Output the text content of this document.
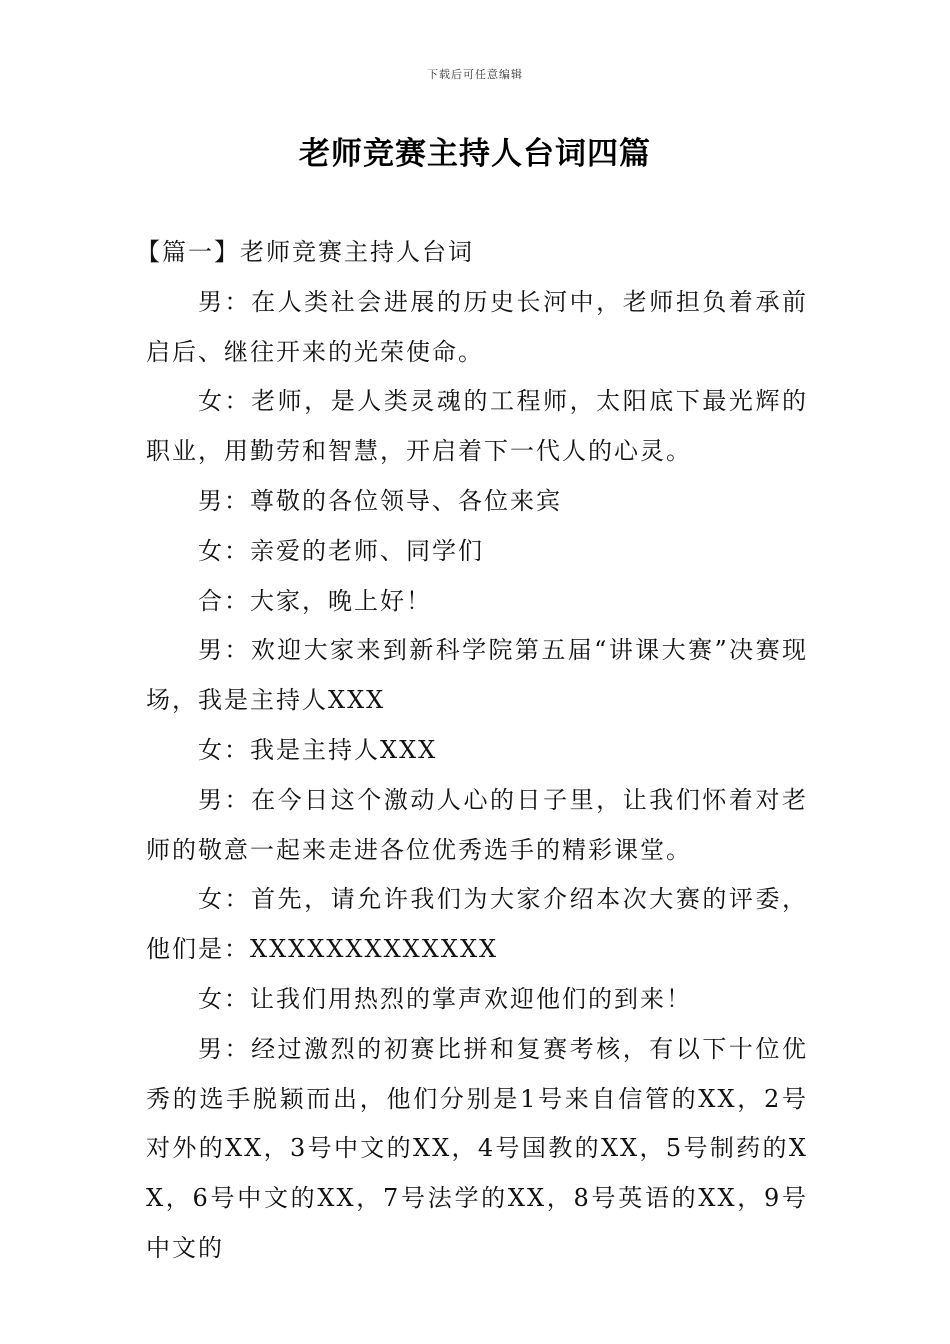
下载后可任意编辑
老师竞赛主持人台词四篇

【篇一】老师竞赛主持人台词

男：在人类社会进展的历史长河中，老师担负着承前启后、继往开来的光荣使命。

女：老师，是人类灵魂的工程师，太阳底下最光辉的职业，用勤劳和智慧，开启着下一代人的心灵。

男：尊敬的各位领导、各位来宾

女：亲爱的老师、同学们

合：大家，晚上好！

男：欢迎大家来到新科学院第五届“讲课大赛”决赛现场，我是主持人XXX

女：我是主持人XXX

男：在今日这个激动人心的日子里，让我们怀着对老师的敬意一起来走进各位优秀选手的精彩课堂。

女：首先，请允许我们为大家介绍本次大赛的评委，他们是：XXXXXXXXXXXXX

女：让我们用热烈的掌声欢迎他们的到来！

男：经过激烈的初赛比拼和复赛考核，有以下十位优秀的选手脱颖而出，他们分别是1号来自信管的XX，2号对外的XX，3号中文的XX，4号国教的XX，5号制药的XX，6号中文的XX，7号法学的XX，8号英语的XX，9号中文的
